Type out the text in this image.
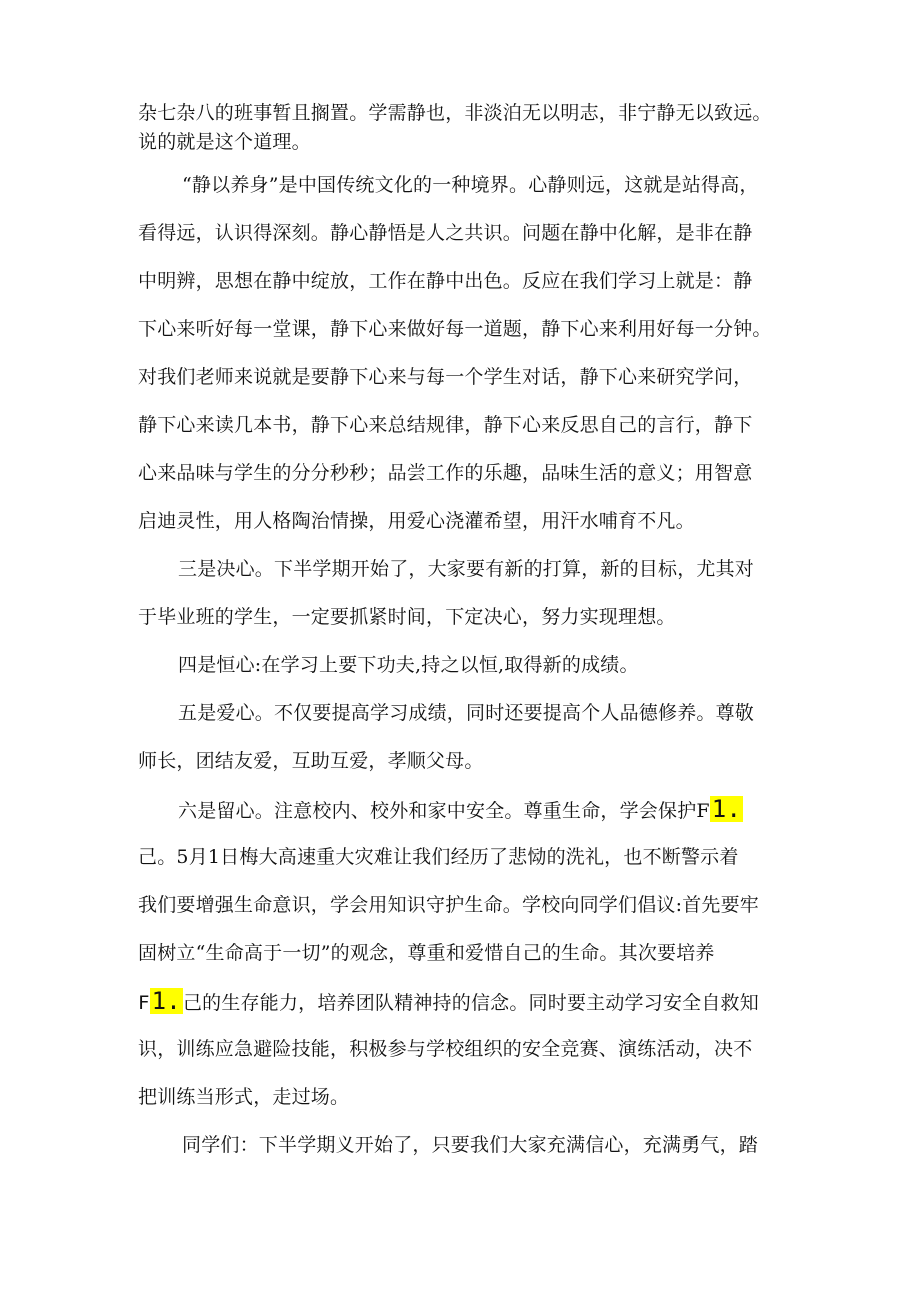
杂七杂八的班事暂且搁置。学需静也，非淡泊无以明志，非宁静无以致远。
说的就是这个道理。
“静以养身”是中国传统文化的一种境界。心静则远，这就是站得高，
看得远，认识得深刻。静心静悟是人之共识。问题在静中化解，是非在静
中明辨，思想在静中绽放，工作在静中出色。反应在我们学习上就是：静
下心来听好每一堂课，静下心来做好每一道题，静下心来利用好每一分钟。
对我们老师来说就是要静下心来与每一个学生对话，静下心来研究学问，
静下心来读几本书，静下心来总结规律，静下心来反思自己的言行，静下
心来品味与学生的分分秒秒；品尝工作的乐趣，品味生活的意义；用智意
启迪灵性，用人格陶治情操，用爱心浇灌希望，用汗水哺育不凡。
三是决心。下半学期开始了，大家要有新的打算，新的目标，尤其对
于毕业班的学生，一定要抓紧时间，下定决心，努力实现理想。
四是恒心:在学习上要下功夫,持之以恒,取得新的成绩。
五是爱心。不仅要提高学习成绩，同时还要提高个人品德修养。尊敬
师长，团结友爱，互助互爱，孝顺父母。
六是留心。注意校内、校外和家中安全。尊重生命，学会保护F1.
己。5月1日梅大高速重大灾难让我们经历了悲恸的洗礼，也不断警示着
我们要增强生命意识，学会用知识守护生命。学校向同学们倡议:首先要牢
固树立“生命高于一切”的观念，尊重和爱惜自己的生命。其次要培养
F1. 己的生存能力，培养团队精神持的信念。同时要主动学习安全自救知
识，训练应急避险技能，积极参与学校组织的安全竞赛、演练活动，决不
把训练当形式，走过场。
同学们：下半学期义开始了，只要我们大家充满信心，充满勇气，踏
